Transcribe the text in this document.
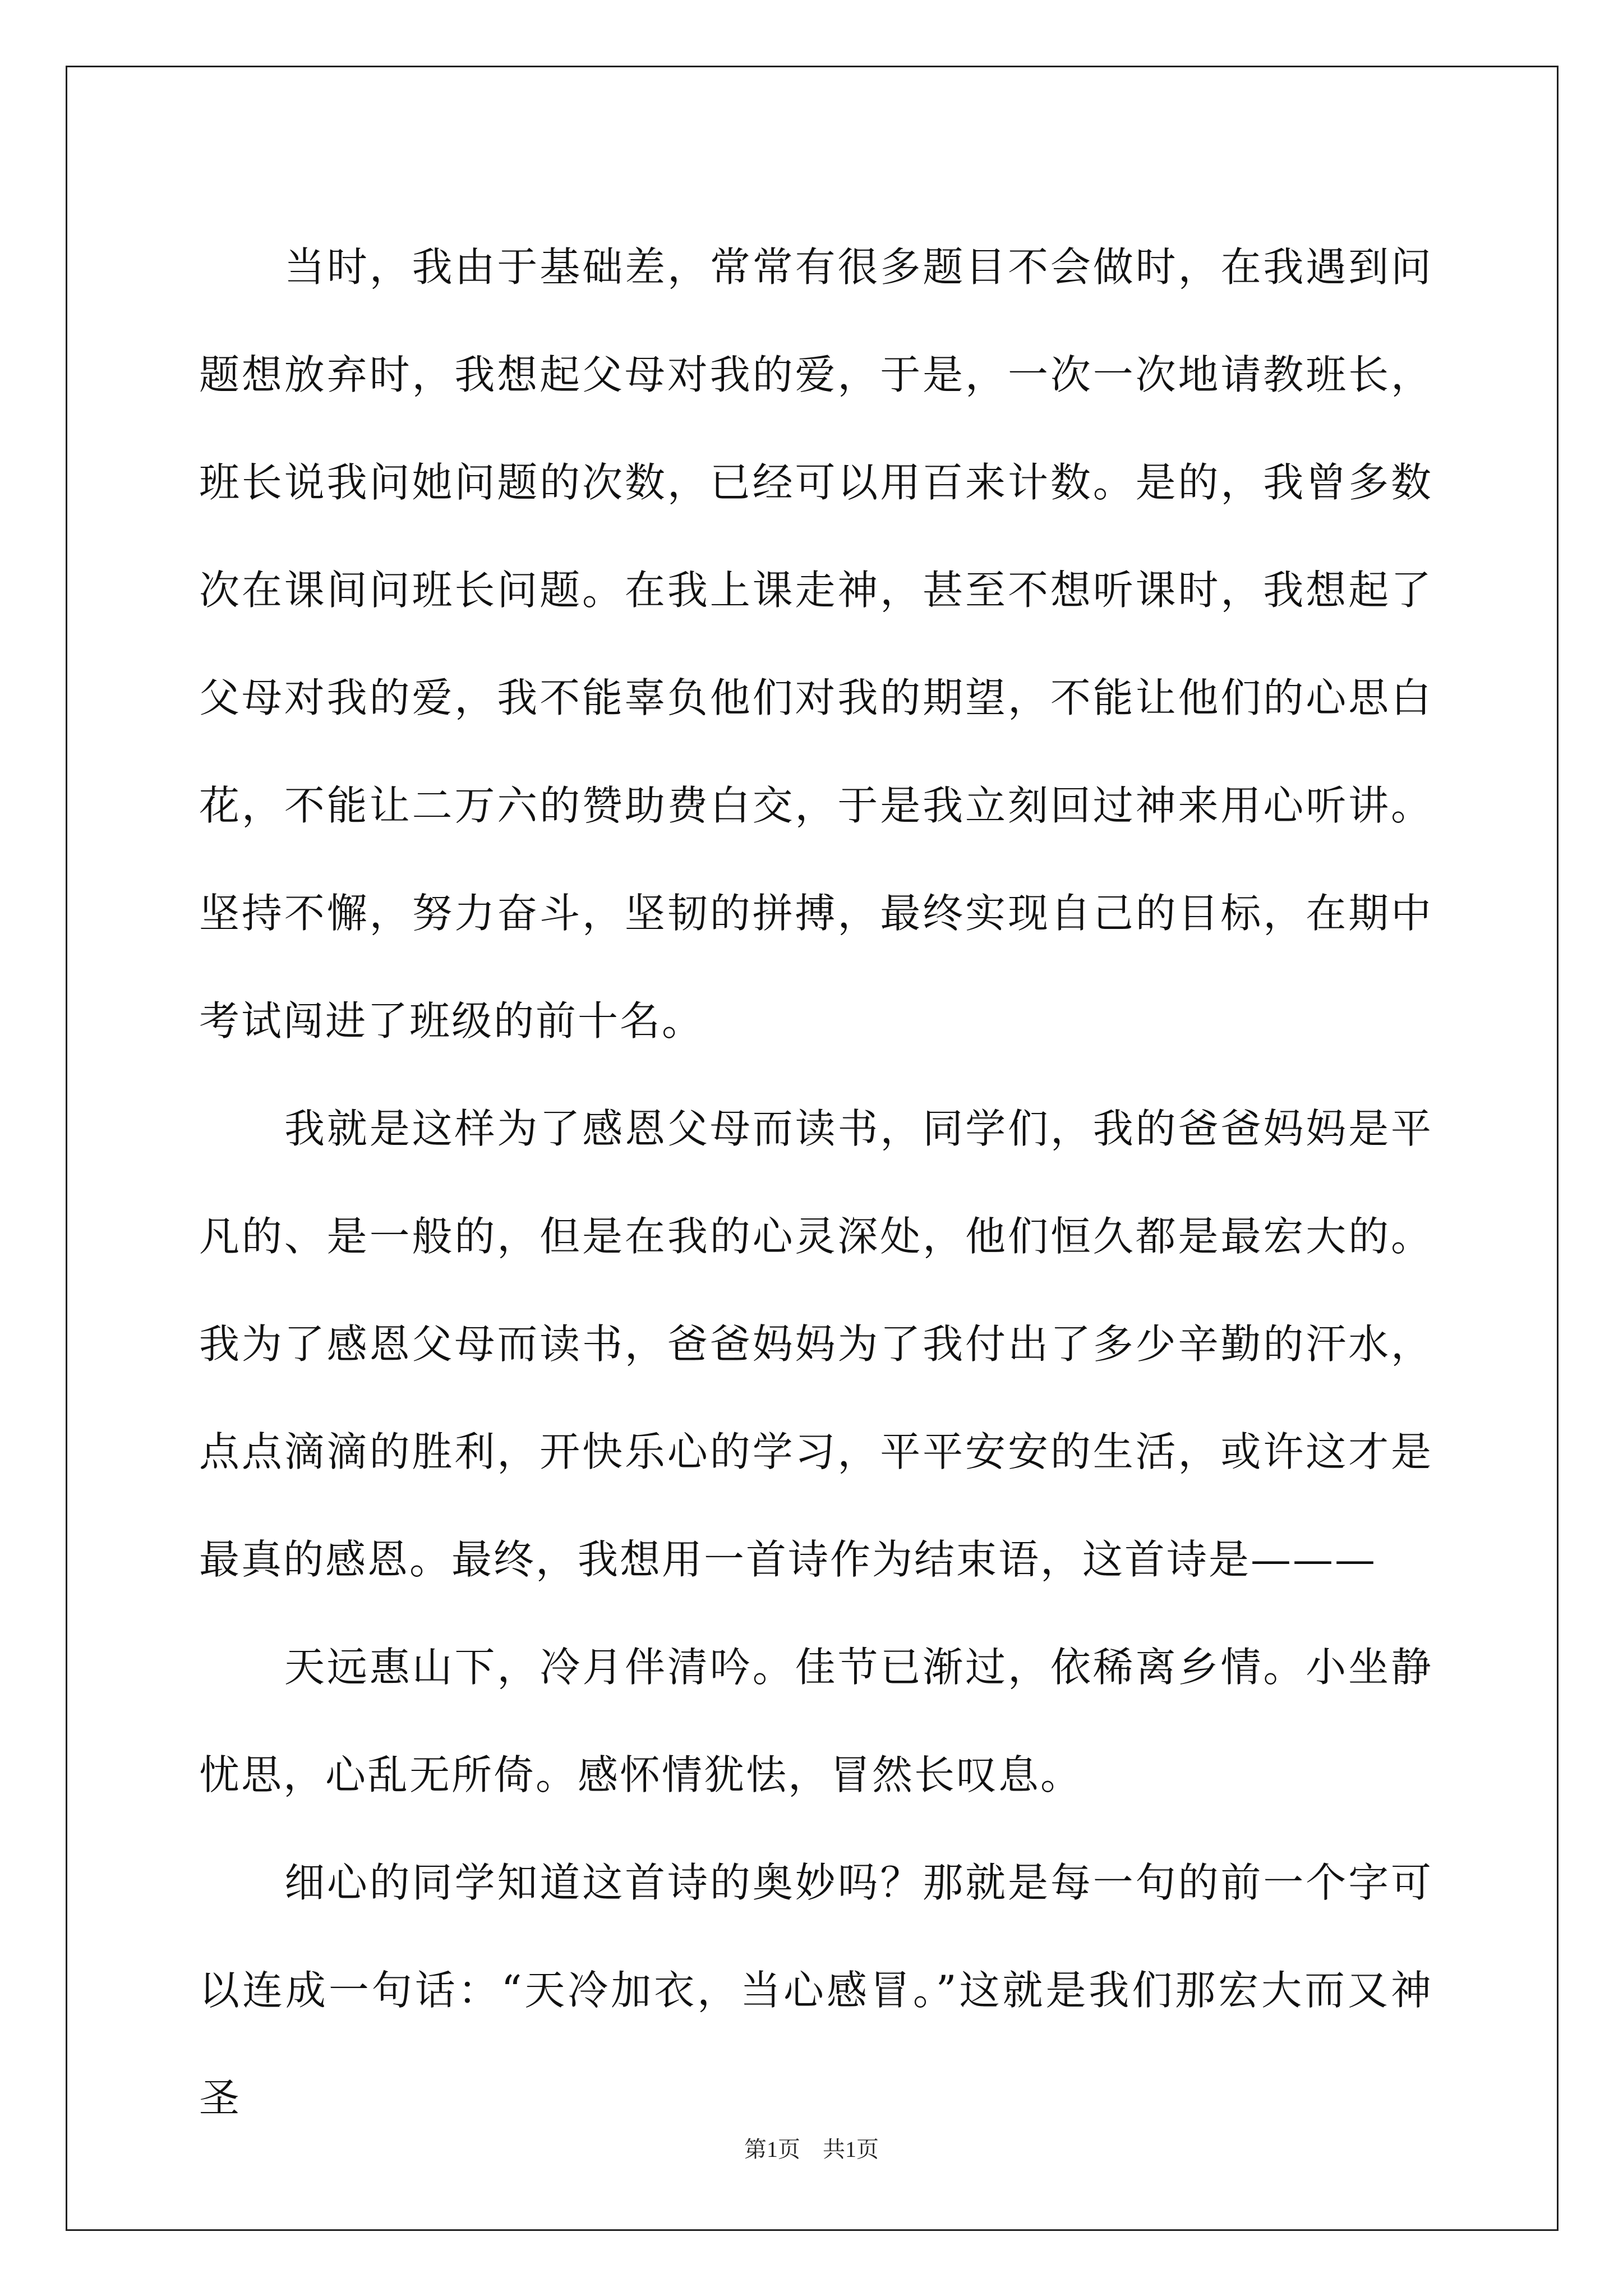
当时，我由于基础差，常常有很多题目不会做时，在我遇到问题想放弃时，我想起父母对我的爱，于是，一次一次地请教班长，班长说我问她问题的次数，已经可以用百来计数。是的，我曾多数次在课间问班长问题。在我上课走神，甚至不想听课时，我想起了父母对我的爱，我不能辜负他们对我的期望，不能让他们的心思白花，不能让二万六的赞助费白交，于是我立刻回过神来用心听讲。坚持不懈，努力奋斗，坚韧的拼搏，最终实现自己的目标，在期中考试闯进了班级的前十名。

我就是这样为了感恩父母而读书，同学们，我的爸爸妈妈是平凡的、是一般的，但是在我的心灵深处，他们恒久都是最宏大的。我为了感恩父母而读书，爸爸妈妈为了我付出了多少辛勤的汗水，点点滴滴的胜利，开快乐心的学习，平平安安的生活，或许这才是最真的感恩。最终，我想用一首诗作为结束语，这首诗是———

天远惠山下，冷月伴清吟。佳节已渐过，依稀离乡情。小坐静忧思，心乱无所倚。感怀情犹怯，冒然长叹息。

细心的同学知道这首诗的奥妙吗？那就是每一句的前一个字可以连成一句话：“天冷加衣，当心感冒。”这就是我们那宏大而又神圣

第1页　共1页
